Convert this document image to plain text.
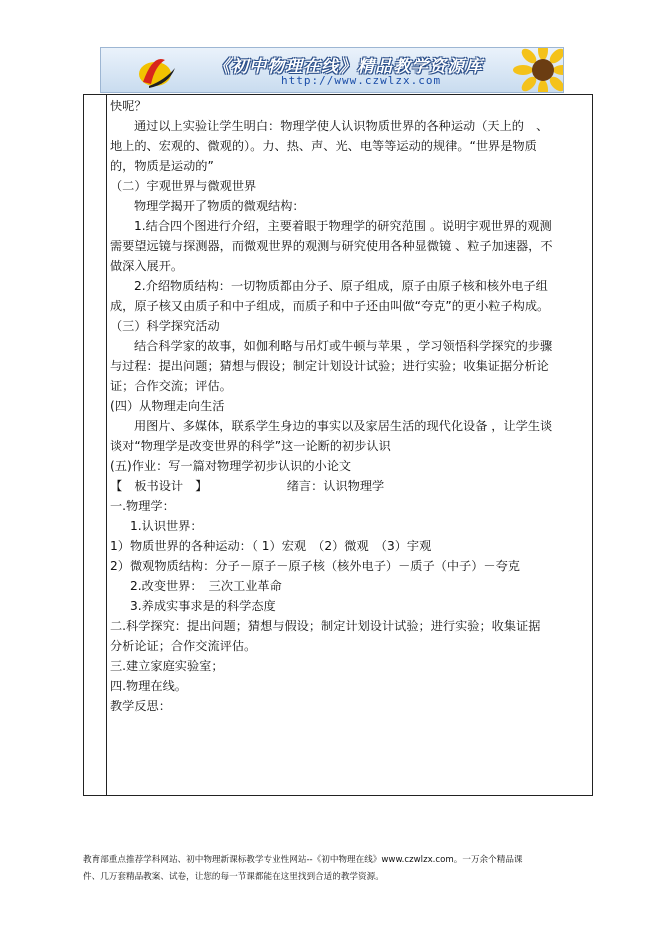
《初中物理在线》精品教学资源库
http://www.czwlzx.com

快呢？

通过以上实验让学生明白：物理学使人认识物质世界的各种运动（天上的　、

地上的、宏观的、微观的）。力、热、声、光、电等等运动的规律。“世界是物质

的，物质是运动的”

（二）宇观世界与微观世界

物理学揭开了物质的微观结构：

1.结合四个图进行介绍，主要着眼于物理学的研究范围 。说明宇观世界的观测

需要望远镜与探测器，而微观世界的观测与研究使用各种显微镜 、粒子加速器，不

做深入展开。

2.介绍物质结构：一切物质都由分子、原子组成，原子由原子核和核外电子组

成，原子核又由质子和中子组成，而质子和中子还由叫做“夸克”的更小粒子构成。

（三）科学探究活动

结合科学家的故事，如伽利略与吊灯或牛顿与苹果 ，学习领悟科学探究的步骤

与过程：提出问题；猜想与假设；制定计划设计试验；进行实验；收集证据分析论

证；合作交流；评估。

(四）从物理走向生活

用图片、多媒体，联系学生身边的事实以及家居生活的现代化设备 ，让学生谈

谈对“物理学是改变世界的科学”这一论断的初步认识

(五)作业：写一篇对物理学初步认识的小论文

【　板书设计　】　　　　　　　绪言：认识物理学

一.物理学：

1.认识世界：

1）物质世界的各种运动：（ 1）宏观　（2）微观　（3）宇观

2）微观物质结构：分子－原子－原子核（核外电子）－质子（中子）－夸克

2.改变世界：　三次工业革命

3.养成实事求是的科学态度

二.科学探究：提出问题；猜想与假设；制定计划设计试验；进行实验；收集证据

分析论证；合作交流评估。

三.建立家庭实验室；

四.物理在线。

教学反思：

教育部重点推荐学科网站、初中物理新课标教学专业性网站--《初中物理在线》www.czwlzx.com。一万余个精品课

件、几万套精品教案、试卷，让您的每一节课都能在这里找到合适的教学资源。
